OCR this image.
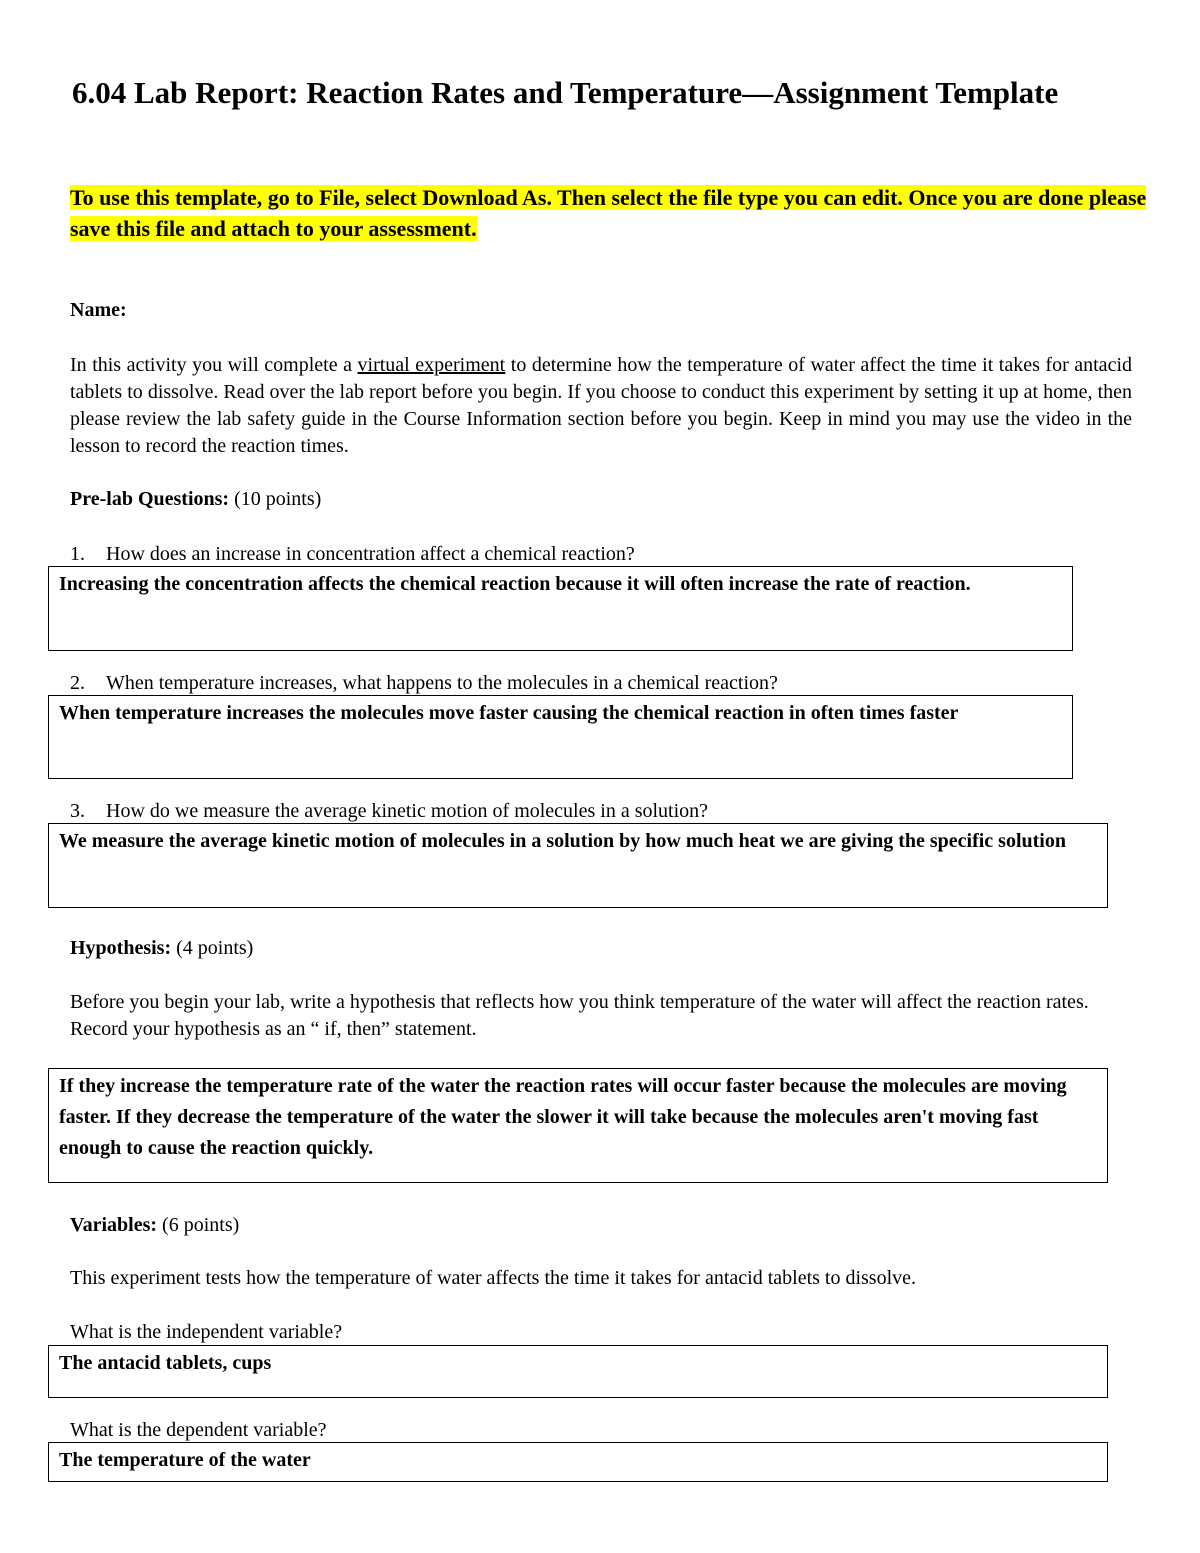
6.04 Lab Report: Reaction Rates and Temperature—Assignment Template

To use this template, go to File, select Download As. Then select the file type you can edit. Once you are done please save this file and attach to your assessment.

Name:

In this activity you will complete a virtual experiment to determine how the temperature of water affect the time it takes for antacid tablets to dissolve. Read over the lab report before you begin. If you choose to conduct this experiment by setting it up at home, then please review the lab safety guide in the Course Information section before you begin. Keep in mind you may use the video in the lesson to record the reaction times.

Pre-lab Questions: (10 points)

1. How does an increase in concentration affect a chemical reaction?

Increasing the concentration affects the chemical reaction because it will often increase the rate of reaction.

2. When temperature increases, what happens to the molecules in a chemical reaction?

When temperature increases the molecules move faster causing the chemical reaction in often times faster

3. How do we measure the average kinetic motion of molecules in a solution?

We measure the average kinetic motion of molecules in a solution by how much heat we are giving the specific solution

Hypothesis: (4 points)

Before you begin your lab, write a hypothesis that reflects how you think temperature of the water will affect the reaction rates. Record your hypothesis as an “ if, then” statement.

If they increase the temperature rate of the water the reaction rates will occur faster because the molecules are moving faster. If they decrease the temperature of the water the slower it will take because the molecules aren't moving fast enough to cause the reaction quickly.

Variables: (6 points)

This experiment tests how the temperature of water affects the time it takes for antacid tablets to dissolve.

What is the independent variable?

The antacid tablets, cups

What is the dependent variable?

The temperature of the water
